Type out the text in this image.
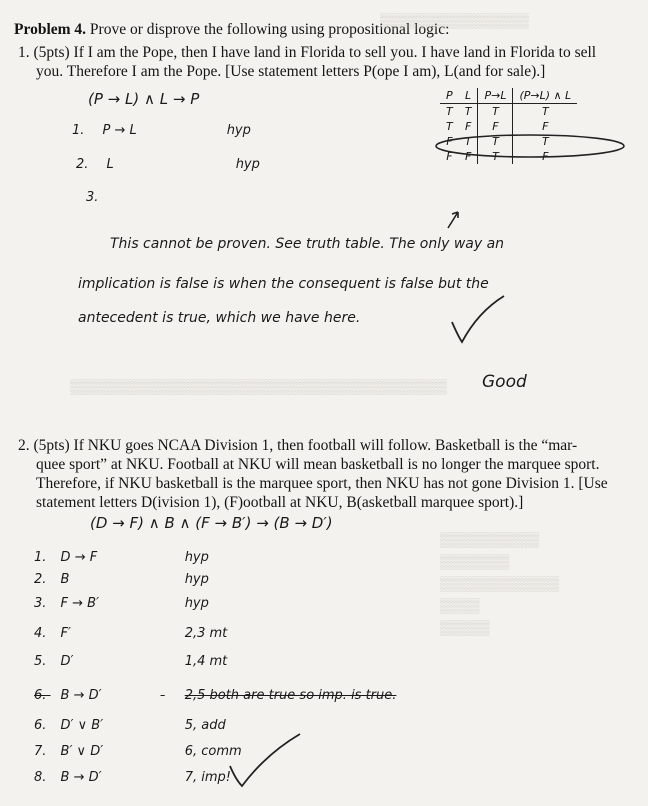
Problem 4. Prove or disprove the following using propositional logic:
▒▒▒▒▒▒▒▒▒▒▒▒▒▒▒
1. (5pts) If I am the Pope, then I have land in Florida to sell you. I have land in Florida to sell
you. Therefore I am the Pope. [Use statement letters P(ope I am), L(and for sale).]
(P → L) ∧ L → P
1. P → L	hyp
2. L	hyp
3.
P	L	P→L	(P→L) ∧ L
T	T	T	T
T	F	F	F
F	T	T	T
F	F	T	F
This cannot be proven. See truth table. The only way an
implication is false is when the consequent is false but the
antecedent is true, which we have here.
Good
▒▒▒▒▒▒▒▒▒▒▒▒▒▒▒▒▒▒▒▒▒▒▒▒▒▒▒▒▒▒▒▒▒▒▒▒▒▒
2. (5pts) If NKU goes NCAA Division 1, then football will follow. Basketball is the “mar-
quee sport” at NKU. Football at NKU will mean basketball is no longer the marquee sport.
Therefore, if NKU basketball is the marquee sport, then NKU has not gone Division 1. [Use
statement letters D(ivision 1), (F)ootball at NKU, B(asketball marquee sport).]
(D → F) ∧ B ∧ (F → B′) → (B → D′)
1. D → F	hyp
2. B	hyp
3. F → B′	hyp
4. F′	2,3 mt
5. D′	1,4 mt
6. B → D′	2,5 both are true so imp. is true.
6. D′ ∨ B′	5, add
7. B′ ∨ D′	6, comm
8. B → D′	7, imp!
▒▒▒▒▒▒▒▒▒▒
▒▒▒▒▒▒▒
▒▒▒▒▒▒▒▒▒▒▒▒
▒▒▒▒
▒▒▒▒▒
